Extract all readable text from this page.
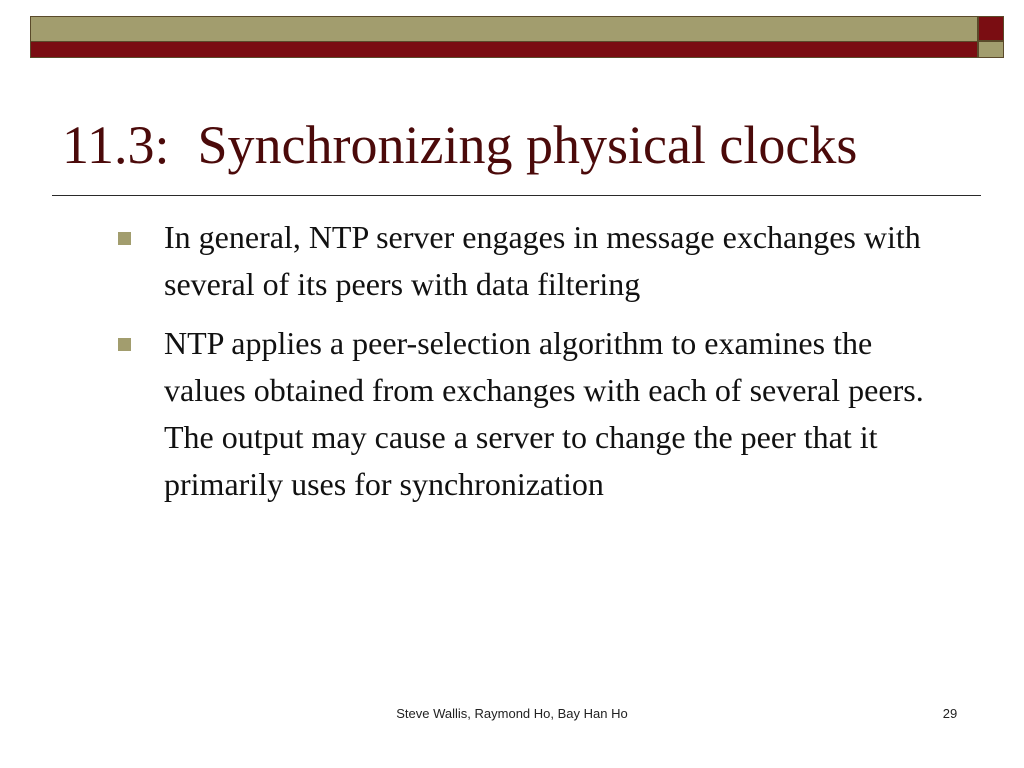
11.3: Synchronizing physical clocks
In general, NTP server engages in message exchanges with several of its peers with data filtering
NTP applies a peer-selection algorithm to examines the values obtained from exchanges with each of several peers. The output may cause a server to change the peer that it primarily uses for synchronization
Steve Wallis, Raymond Ho, Bay Han Ho	29
